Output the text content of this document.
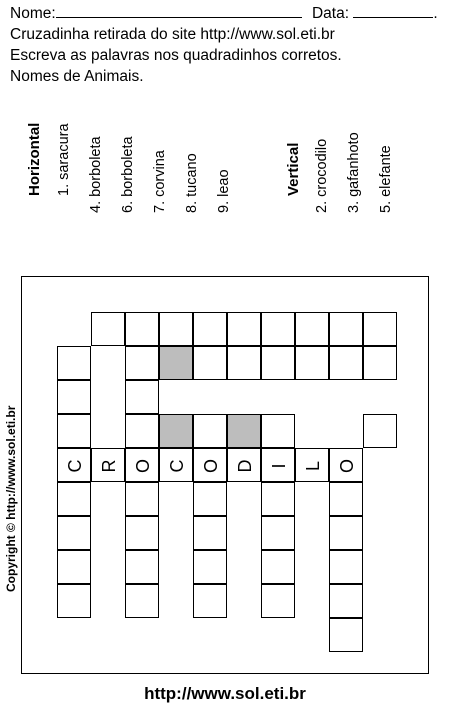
Nome:	Data:	.
Cruzadinha retirada do site http://www.sol.eti.br
Escreva as palavras nos quadradinhos corretos.
Nomes de Animais.
Horizontal 1. saracura 4. borboleta 6. borboleta 7. corvina 8. tucano 9. leao	Vertical 2. crocodilo 3. gafanhoto 5. elefante
C R O C O D I L O
Copyright © http://www.sol.eti.br
http://www.sol.eti.br
